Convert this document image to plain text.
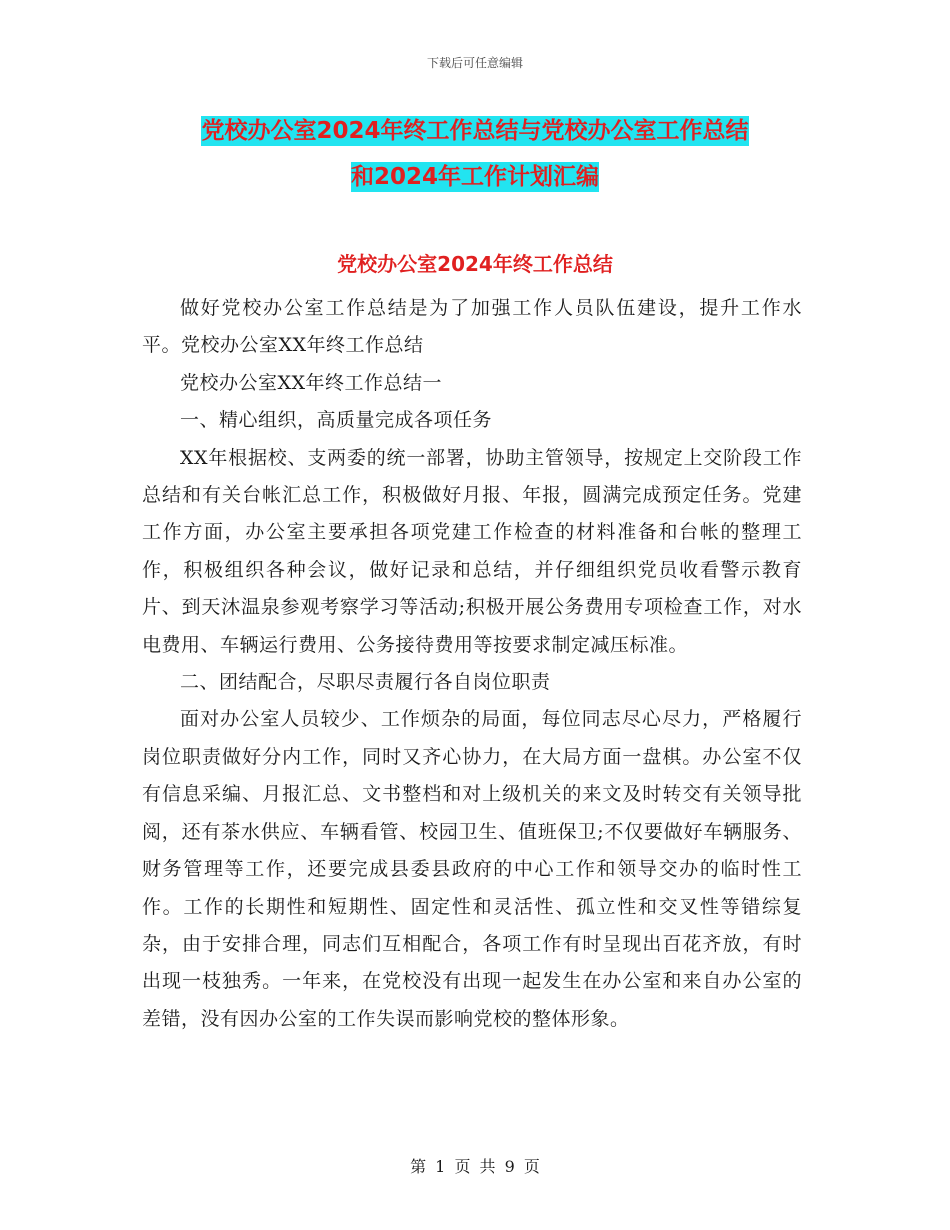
下载后可任意编辑
党校办公室2024年终工作总结与党校办公室工作总结
和2024年工作计划汇编
党校办公室2024年终工作总结

做好党校办公室工作总结是为了加强工作人员队伍建设，提升工作水平。党校办公室XX年终工作总结

党校办公室XX年终工作总结一

一、精心组织，高质量完成各项任务

XX年根据校、支两委的统一部署，协助主管领导，按规定上交阶段工作总结和有关台帐汇总工作，积极做好月报、年报，圆满完成预定任务。党建工作方面，办公室主要承担各项党建工作检查的材料准备和台帐的整理工作，积极组织各种会议，做好记录和总结，并仔细组织党员收看警示教育片、到天沐温泉参观考察学习等活动;积极开展公务费用专项检查工作，对水电费用、车辆运行费用、公务接待费用等按要求制定减压标准。

二、团结配合，尽职尽责履行各自岗位职责

面对办公室人员较少、工作烦杂的局面，每位同志尽心尽力，严格履行岗位职责做好分内工作，同时又齐心协力，在大局方面一盘棋。办公室不仅有信息采编、月报汇总、文书整档和对上级机关的来文及时转交有关领导批阅，还有茶水供应、车辆看管、校园卫生、值班保卫;不仅要做好车辆服务、财务管理等工作，还要完成县委县政府的中心工作和领导交办的临时性工作。工作的长期性和短期性、固定性和灵活性、孤立性和交叉性等错综复杂，由于安排合理，同志们互相配合，各项工作有时呈现出百花齐放，有时出现一枝独秀。一年来，在党校没有出现一起发生在办公室和来自办公室的差错，没有因办公室的工作失误而影响党校的整体形象。

第 1 页 共 9 页
